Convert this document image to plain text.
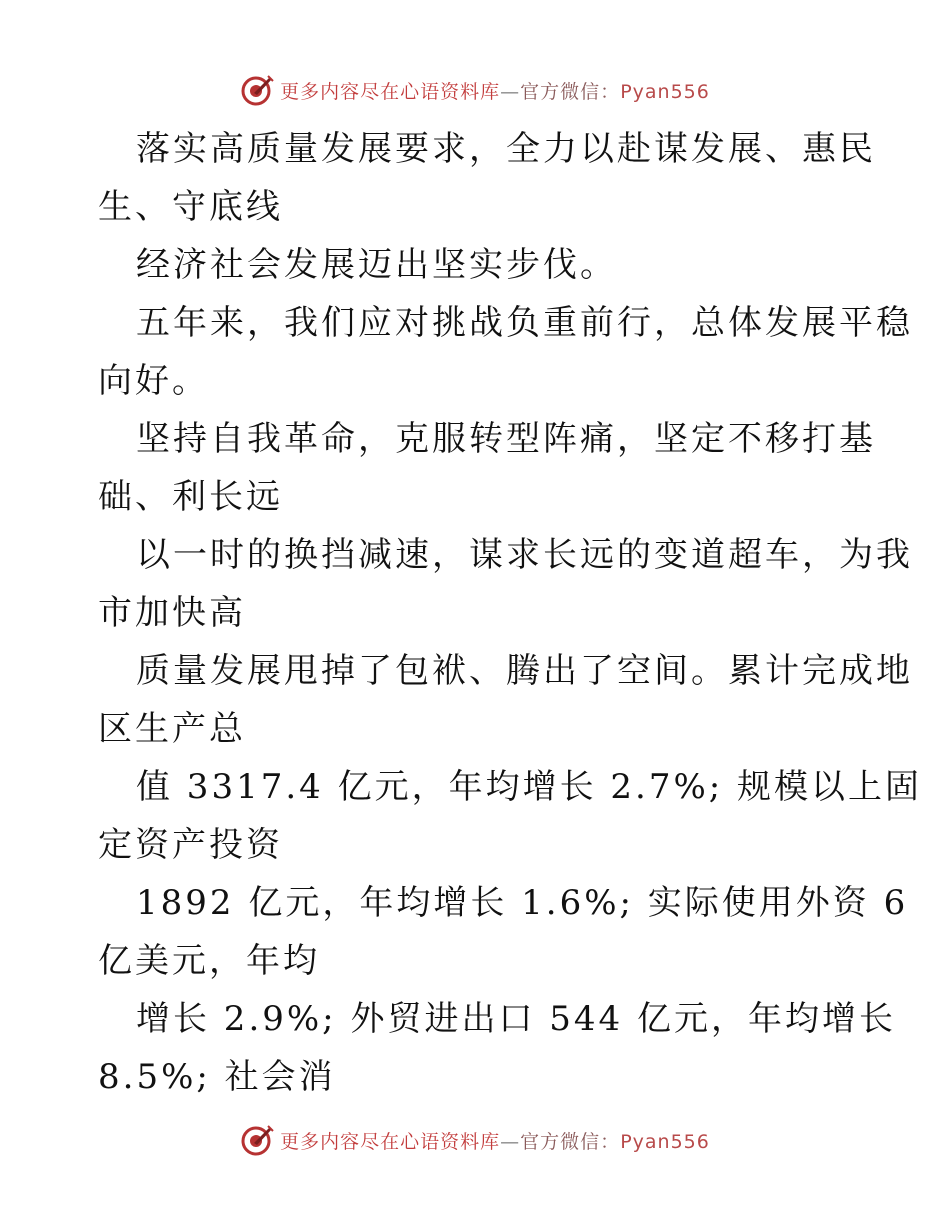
更多内容尽在心语资料库—官方微信：Pyan556

落实高质量发展要求，全力以赴谋发展、惠民
生、守底线

经济社会发展迈出坚实步伐。

五年来，我们应对挑战负重前行，总体发展平稳
向好。

坚持自我革命，克服转型阵痛，坚定不移打基
础、利长远

以一时的换挡减速，谋求长远的变道超车，为我
市加快高

质量发展甩掉了包袱、腾出了空间。累计完成地
区生产总

值 3317.4 亿元，年均增长 2.7%; 规模以上固
定资产投资

1892 亿元，年均增长 1.6%; 实际使用外资 6
亿美元，年均

增长 2.9%; 外贸进出口 544 亿元，年均增长
8.5%; 社会消

更多内容尽在心语资料库—官方微信：Pyan556
